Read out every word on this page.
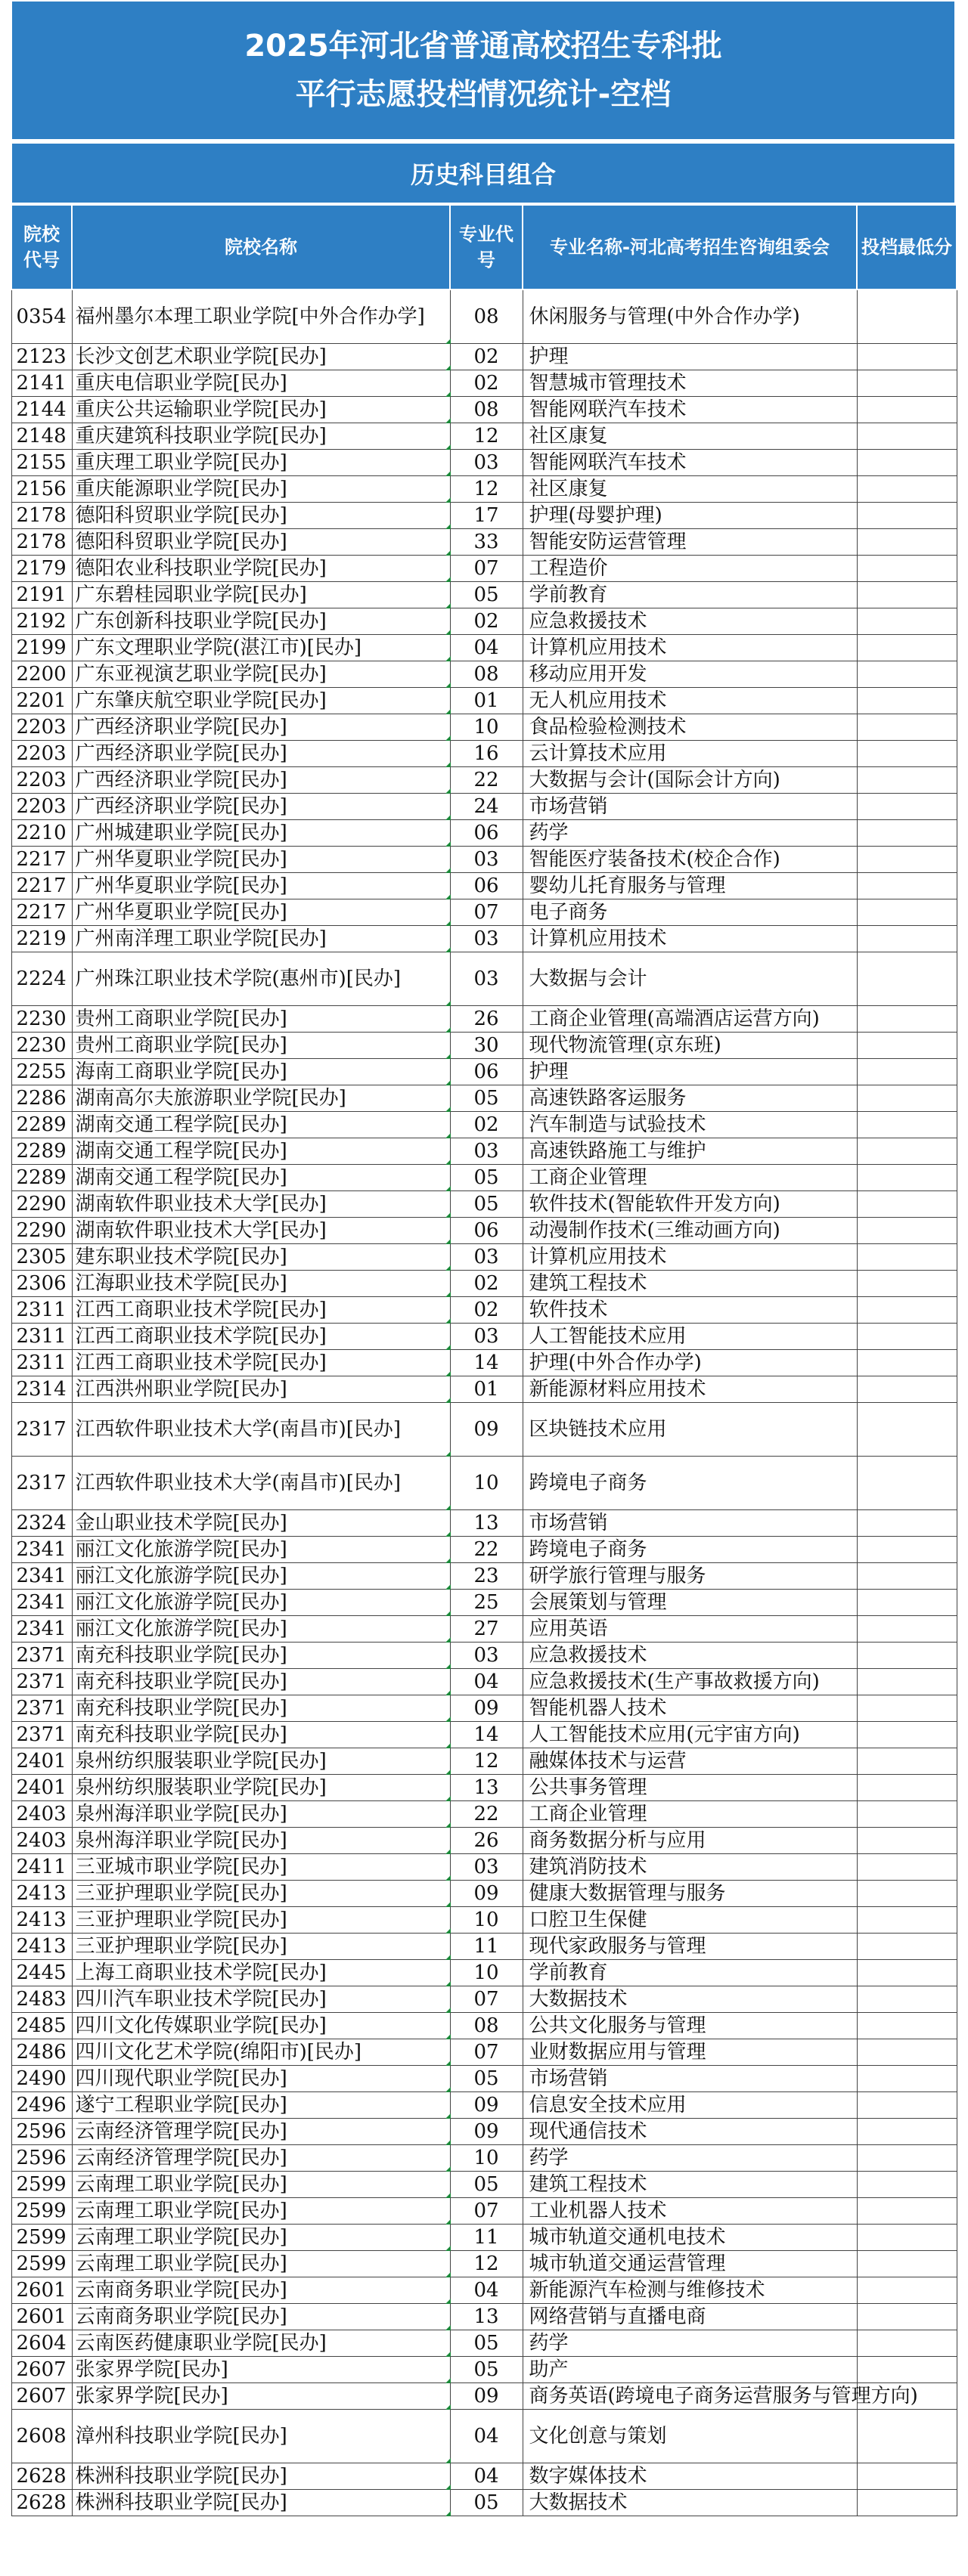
2025年河北省普通高校招生专科批
平行志愿投档情况统计-空档
历史科目组合
院校代号	院校名称	专业代号	专业名称-河北高考招生咨询组委会	投档最低分
0354	福州墨尔本理工职业学院[中外合作办学]	08	休闲服务与管理(中外合作办学)	
2123	长沙文创艺术职业学院[民办]	02	护理	
2141	重庆电信职业学院[民办]	02	智慧城市管理技术	
2144	重庆公共运输职业学院[民办]	08	智能网联汽车技术	
2148	重庆建筑科技职业学院[民办]	12	社区康复	
2155	重庆理工职业学院[民办]	03	智能网联汽车技术	
2156	重庆能源职业学院[民办]	12	社区康复	
2178	德阳科贸职业学院[民办]	17	护理(母婴护理)	
2178	德阳科贸职业学院[民办]	33	智能安防运营管理	
2179	德阳农业科技职业学院[民办]	07	工程造价	
2191	广东碧桂园职业学院[民办]	05	学前教育	
2192	广东创新科技职业学院[民办]	02	应急救援技术	
2199	广东文理职业学院(湛江市)[民办]	04	计算机应用技术	
2200	广东亚视演艺职业学院[民办]	08	移动应用开发	
2201	广东肇庆航空职业学院[民办]	01	无人机应用技术	
2203	广西经济职业学院[民办]	10	食品检验检测技术	
2203	广西经济职业学院[民办]	16	云计算技术应用	
2203	广西经济职业学院[民办]	22	大数据与会计(国际会计方向)	
2203	广西经济职业学院[民办]	24	市场营销	
2210	广州城建职业学院[民办]	06	药学	
2217	广州华夏职业学院[民办]	03	智能医疗装备技术(校企合作)	
2217	广州华夏职业学院[民办]	06	婴幼儿托育服务与管理	
2217	广州华夏职业学院[民办]	07	电子商务	
2219	广州南洋理工职业学院[民办]	03	计算机应用技术	
2224	广州珠江职业技术学院(惠州市)[民办]	03	大数据与会计	
2230	贵州工商职业学院[民办]	26	工商企业管理(高端酒店运营方向)	
2230	贵州工商职业学院[民办]	30	现代物流管理(京东班)	
2255	海南工商职业学院[民办]	06	护理	
2286	湖南高尔夫旅游职业学院[民办]	05	高速铁路客运服务	
2289	湖南交通工程学院[民办]	02	汽车制造与试验技术	
2289	湖南交通工程学院[民办]	03	高速铁路施工与维护	
2289	湖南交通工程学院[民办]	05	工商企业管理	
2290	湖南软件职业技术大学[民办]	05	软件技术(智能软件开发方向)	
2290	湖南软件职业技术大学[民办]	06	动漫制作技术(三维动画方向)	
2305	建东职业技术学院[民办]	03	计算机应用技术	
2306	江海职业技术学院[民办]	02	建筑工程技术	
2311	江西工商职业技术学院[民办]	02	软件技术	
2311	江西工商职业技术学院[民办]	03	人工智能技术应用	
2311	江西工商职业技术学院[民办]	14	护理(中外合作办学)	
2314	江西洪州职业学院[民办]	01	新能源材料应用技术	
2317	江西软件职业技术大学(南昌市)[民办]	09	区块链技术应用	
2317	江西软件职业技术大学(南昌市)[民办]	10	跨境电子商务	
2324	金山职业技术学院[民办]	13	市场营销	
2341	丽江文化旅游学院[民办]	22	跨境电子商务	
2341	丽江文化旅游学院[民办]	23	研学旅行管理与服务	
2341	丽江文化旅游学院[民办]	25	会展策划与管理	
2341	丽江文化旅游学院[民办]	27	应用英语	
2371	南充科技职业学院[民办]	03	应急救援技术	
2371	南充科技职业学院[民办]	04	应急救援技术(生产事故救援方向)	
2371	南充科技职业学院[民办]	09	智能机器人技术	
2371	南充科技职业学院[民办]	14	人工智能技术应用(元宇宙方向)	
2401	泉州纺织服装职业学院[民办]	12	融媒体技术与运营	
2401	泉州纺织服装职业学院[民办]	13	公共事务管理	
2403	泉州海洋职业学院[民办]	22	工商企业管理	
2403	泉州海洋职业学院[民办]	26	商务数据分析与应用	
2411	三亚城市职业学院[民办]	03	建筑消防技术	
2413	三亚护理职业学院[民办]	09	健康大数据管理与服务	
2413	三亚护理职业学院[民办]	10	口腔卫生保健	
2413	三亚护理职业学院[民办]	11	现代家政服务与管理	
2445	上海工商职业技术学院[民办]	10	学前教育	
2483	四川汽车职业技术学院[民办]	07	大数据技术	
2485	四川文化传媒职业学院[民办]	08	公共文化服务与管理	
2486	四川文化艺术学院(绵阳市)[民办]	07	业财数据应用与管理	
2490	四川现代职业学院[民办]	05	市场营销	
2496	遂宁工程职业学院[民办]	09	信息安全技术应用	
2596	云南经济管理学院[民办]	09	现代通信技术	
2596	云南经济管理学院[民办]	10	药学	
2599	云南理工职业学院[民办]	05	建筑工程技术	
2599	云南理工职业学院[民办]	07	工业机器人技术	
2599	云南理工职业学院[民办]	11	城市轨道交通机电技术	
2599	云南理工职业学院[民办]	12	城市轨道交通运营管理	
2601	云南商务职业学院[民办]	04	新能源汽车检测与维修技术	
2601	云南商务职业学院[民办]	13	网络营销与直播电商	
2604	云南医药健康职业学院[民办]	05	药学	
2607	张家界学院[民办]	05	助产	
2607	张家界学院[民办]	09	商务英语(跨境电子商务运营服务与管理方向)	
2608	漳州科技职业学院[民办]	04	文化创意与策划	
2628	株洲科技职业学院[民办]	04	数字媒体技术	
2628	株洲科技职业学院[民办]	05	大数据技术	
